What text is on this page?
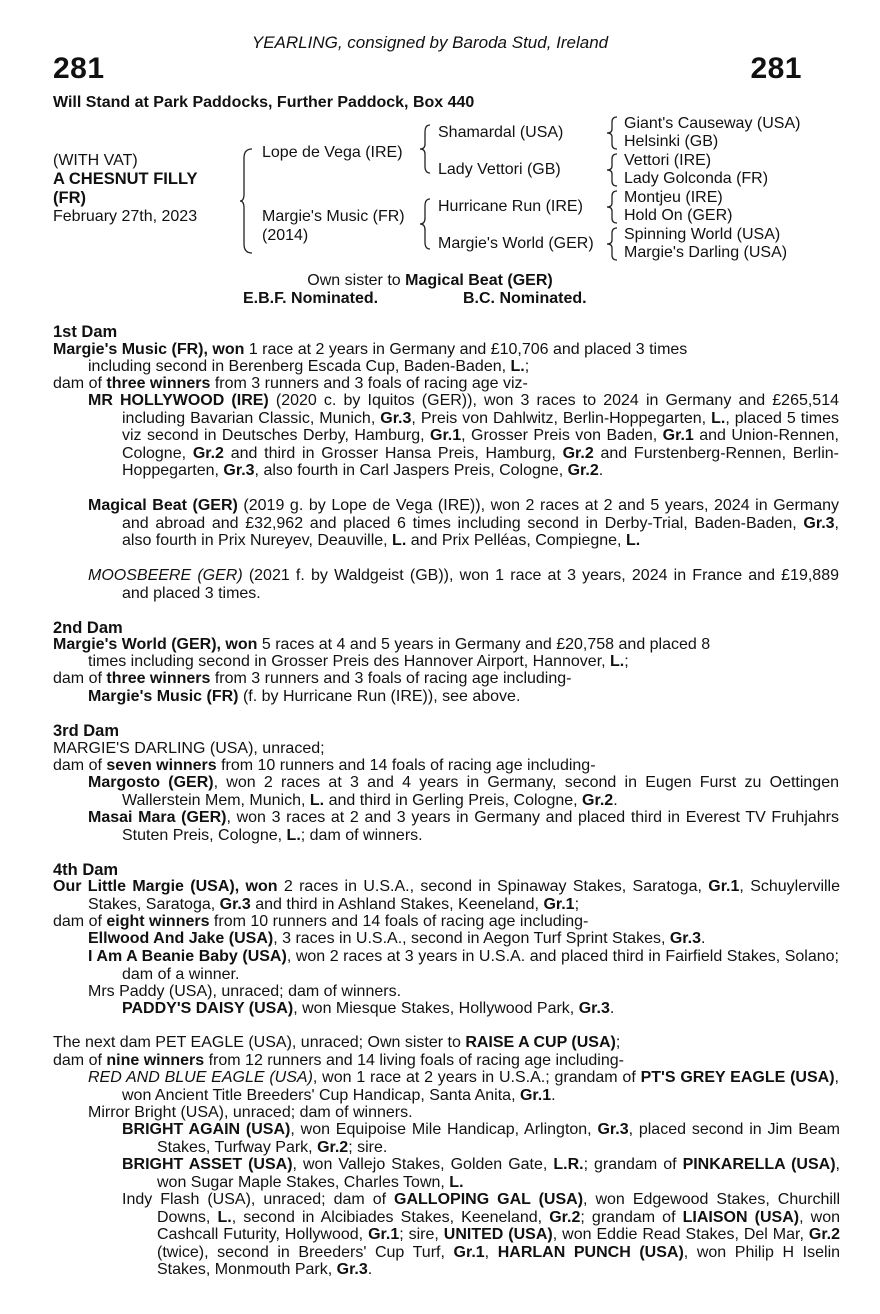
YEARLING, consigned by Baroda Stud, Ireland
281	281
Will Stand at Park Paddocks, Further Paddock, Box 440
(WITH VAT)
A CHESNUT FILLY
(FR)
February 27th, 2023
Lope de Vega (IRE)
Margie's Music (FR)
(2014)
Shamardal (USA)
Lady Vettori (GB)
Hurricane Run (IRE)
Margie's World (GER)
Giant's Causeway (USA)
Helsinki (GB)
Vettori (IRE)
Lady Golconda (FR)
Montjeu (IRE)
Hold On (GER)
Spinning World (USA)
Margie's Darling (USA)
Own sister to Magical Beat (GER)
E.B.F. Nominated.	B.C. Nominated.
1st Dam
Margie's Music (FR), won 1 race at 2 years in Germany and £10,706 and placed 3 times
including second in Berenberg Escada Cup, Baden-Baden, L.;
dam of three winners from 3 runners and 3 foals of racing age viz-
MR HOLLYWOOD (IRE) (2020 c. by Iquitos (GER)), won 3 races to 2024 in Germany and £265,514 including Bavarian Classic, Munich, Gr.3, Preis von Dahlwitz, Berlin-Hoppegarten, L., placed 5 times viz second in Deutsches Derby, Hamburg, Gr.1, Grosser Preis von Baden, Gr.1 and Union-Rennen, Cologne, Gr.2 and third in Grosser Hansa Preis, Hamburg, Gr.2 and Furstenberg-Rennen, Berlin-Hoppegarten, Gr.3, also fourth in Carl Jaspers Preis, Cologne, Gr.2.
Magical Beat (GER) (2019 g. by Lope de Vega (IRE)), won 2 races at 2 and 5 years, 2024 in Germany and abroad and £32,962 and placed 6 times including second in Derby-Trial, Baden-Baden, Gr.3, also fourth in Prix Nureyev, Deauville, L. and Prix Pelléas, Compiegne, L.
MOOSBEERE (GER) (2021 f. by Waldgeist (GB)), won 1 race at 3 years, 2024 in France and £19,889 and placed 3 times.
2nd Dam
Margie's World (GER), won 5 races at 4 and 5 years in Germany and £20,758 and placed 8
times including second in Grosser Preis des Hannover Airport, Hannover, L.;
dam of three winners from 3 runners and 3 foals of racing age including-
Margie's Music (FR) (f. by Hurricane Run (IRE)), see above.
3rd Dam
MARGIE'S DARLING (USA), unraced;
dam of seven winners from 10 runners and 14 foals of racing age including-
Margosto (GER), won 2 races at 3 and 4 years in Germany, second in Eugen Furst zu Oettingen Wallerstein Mem, Munich, L. and third in Gerling Preis, Cologne, Gr.2.
Masai Mara (GER), won 3 races at 2 and 3 years in Germany and placed third in Everest TV Fruhjahrs Stuten Preis, Cologne, L.; dam of winners.
4th Dam
Our Little Margie (USA), won 2 races in U.S.A., second in Spinaway Stakes, Saratoga, Gr.1, Schuylerville Stakes, Saratoga, Gr.3 and third in Ashland Stakes, Keeneland, Gr.1;
dam of eight winners from 10 runners and 14 foals of racing age including-
Ellwood And Jake (USA), 3 races in U.S.A., second in Aegon Turf Sprint Stakes, Gr.3.
I Am A Beanie Baby (USA), won 2 races at 3 years in U.S.A. and placed third in Fairfield Stakes, Solano; dam of a winner.
Mrs Paddy (USA), unraced; dam of winners.
PADDY'S DAISY (USA), won Miesque Stakes, Hollywood Park, Gr.3.
The next dam PET EAGLE (USA), unraced; Own sister to RAISE A CUP (USA);
dam of nine winners from 12 runners and 14 living foals of racing age including-
RED AND BLUE EAGLE (USA), won 1 race at 2 years in U.S.A.; grandam of PT'S GREY EAGLE (USA), won Ancient Title Breeders' Cup Handicap, Santa Anita, Gr.1.
Mirror Bright (USA), unraced; dam of winners.
BRIGHT AGAIN (USA), won Equipoise Mile Handicap, Arlington, Gr.3, placed second in Jim Beam Stakes, Turfway Park, Gr.2; sire.
BRIGHT ASSET (USA), won Vallejo Stakes, Golden Gate, L.R.; grandam of PINKARELLA (USA), won Sugar Maple Stakes, Charles Town, L.
Indy Flash (USA), unraced; dam of GALLOPING GAL (USA), won Edgewood Stakes, Churchill Downs, L., second in Alcibiades Stakes, Keeneland, Gr.2; grandam of LIAISON (USA), won Cashcall Futurity, Hollywood, Gr.1; sire, UNITED (USA), won Eddie Read Stakes, Del Mar, Gr.2 (twice), second in Breeders' Cup Turf, Gr.1, HARLAN PUNCH (USA), won Philip H Iselin Stakes, Monmouth Park, Gr.3.
